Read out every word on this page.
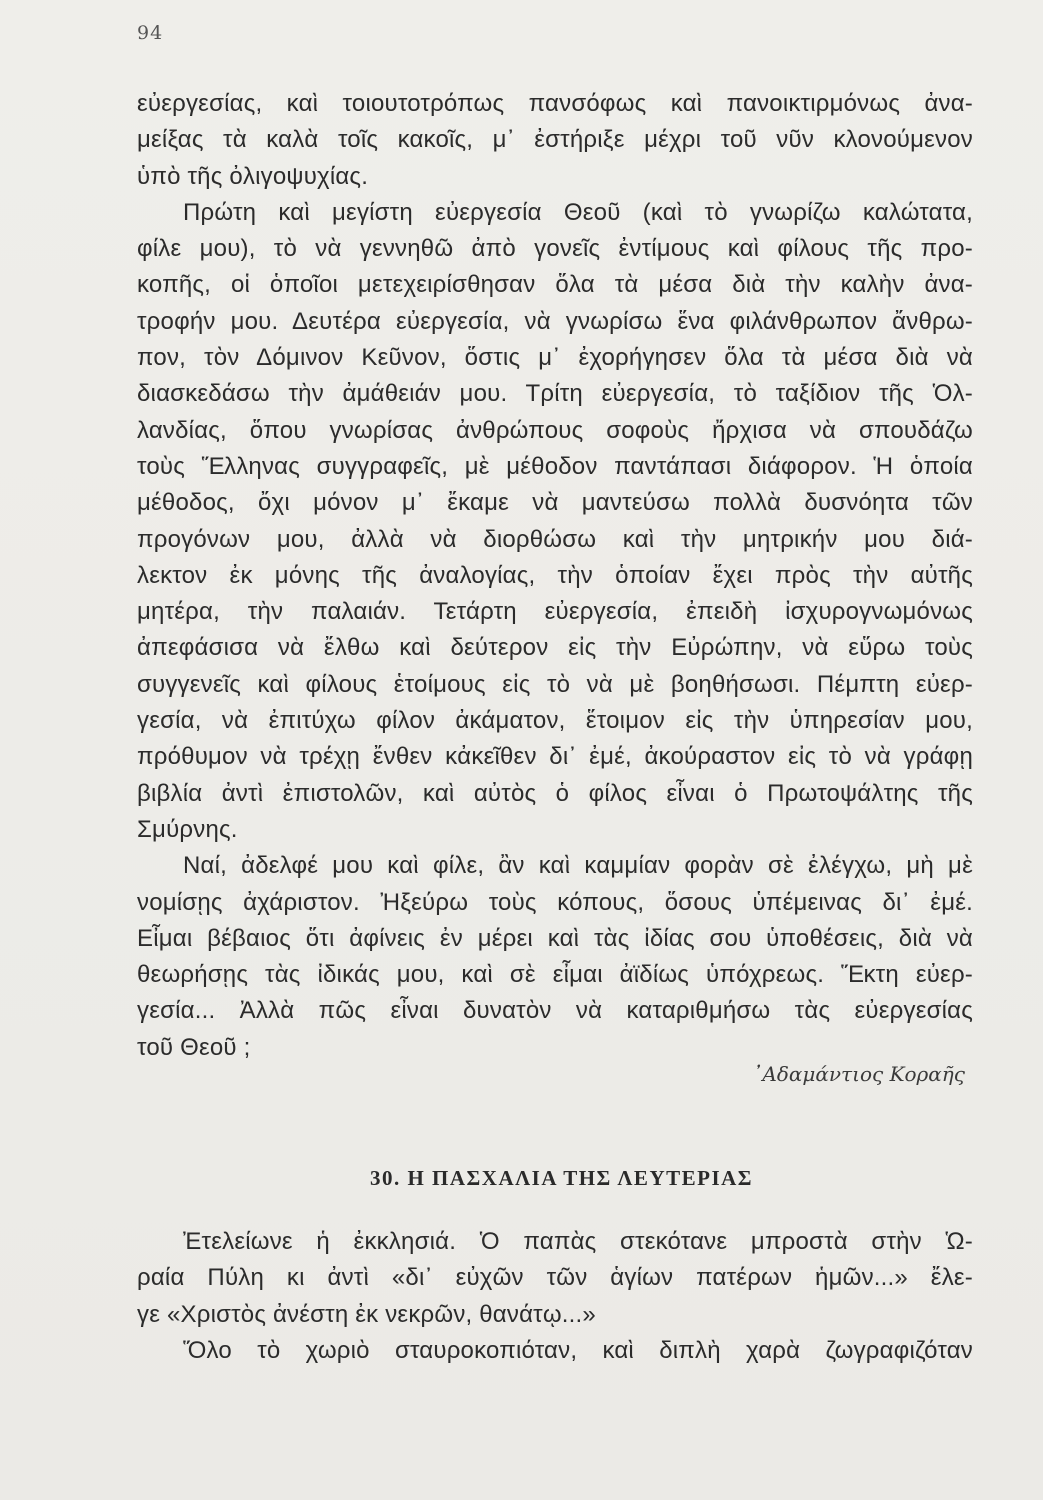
94

εὐεργεσίας, καὶ τοιουτοτρόπως πανσόφως καὶ πανοικτιρμόνως ἀνα-
μείξας τὰ καλὰ τοῖς κακοῖς, μ᾽ ἐστήριξε μέχρι τοῦ νῦν κλονούμενον
ὑπὸ τῆς ὀλιγοψυχίας.

Πρώτη καὶ μεγίστη εὐεργεσία Θεοῦ (καὶ τὸ γνωρίζω καλώτατα,
φίλε μου), τὸ νὰ γεννηθῶ ἀπὸ γονεῖς ἐντίμους καὶ φίλους τῆς προ-
κοπῆς, οἱ ὁποῖοι μετεχειρίσθησαν ὅλα τὰ μέσα διὰ τὴν καλὴν ἀνα-
τροφήν μου. Δευτέρα εὐεργεσία, νὰ γνωρίσω ἕνα φιλάνθρωπον ἄνθρω-
πον, τὸν Δόμινον Κεῦνον, ὅστις μ᾽ ἐχορήγησεν ὅλα τὰ μέσα διὰ νὰ
διασκεδάσω τὴν ἀμάθειάν μου. Τρίτη εὐεργεσία, τὸ ταξίδιον τῆς Ὁλ-
λανδίας, ὅπου γνωρίσας ἀνθρώπους σοφοὺς ἤρχισα νὰ σπουδάζω
τοὺς Ἕλληνας συγγραφεῖς, μὲ μέθοδον παντάπασι διάφορον. Ἡ ὁποία
μέθοδος, ὄχι μόνον μ᾽ ἔκαμε νὰ μαντεύσω πολλὰ δυσνόητα τῶν
προγόνων μου, ἀλλὰ νὰ διορθώσω καὶ τὴν μητρικήν μου διά-
λεκτον ἐκ μόνης τῆς ἀναλογίας, τὴν ὁποίαν ἔχει πρὸς τὴν αὐτῆς
μητέρα, τὴν παλαιάν. Τετάρτη εὐεργεσία, ἐπειδὴ ἰσχυρογνωμόνως
ἀπεφάσισα νὰ ἔλθω καὶ δεύτερον εἰς τὴν Εὐρώπην, νὰ εὕρω τοὺς
συγγενεῖς καὶ φίλους ἑτοίμους εἰς τὸ νὰ μὲ βοηθήσωσι. Πέμπτη εὐερ-
γεσία, νὰ ἐπιτύχω φίλον ἀκάματον, ἕτοιμον εἰς τὴν ὑπηρεσίαν μου,
πρόθυμον νὰ τρέχῃ ἔνθεν κἀκεῖθεν δι᾽ ἐμέ, ἀκούραστον εἰς τὸ νὰ γράφῃ
βιβλία ἀντὶ ἐπιστολῶν, καὶ αὐτὸς ὁ φίλος εἶναι ὁ Πρωτοψάλτης τῆς
Σμύρνης.

Ναί, ἀδελφέ μου καὶ φίλε, ἂν καὶ καμμίαν φορὰν σὲ ἐλέγχω, μὴ μὲ
νομίσῃς ἀχάριστον. Ἠξεύρω τοὺς κόπους, ὅσους ὑπέμεινας δι᾽ ἐμέ.
Εἶμαι βέβαιος ὅτι ἀφίνεις ἐν μέρει καὶ τὰς ἰδίας σου ὑποθέσεις, διὰ νὰ
θεωρήσῃς τὰς ἰδικάς μου, καὶ σὲ εἶμαι ἀϊδίως ὑπόχρεως. Ἕκτη εὐερ-
γεσία... Ἀλλὰ πῶς εἶναι δυνατὸν νὰ καταριθμήσω τὰς εὐεργεσίας
τοῦ Θεοῦ ;

᾽Αδαμάντιος Κοραῆς
30. Η ΠΑΣΧΑΛΙΑ ΤΗΣ ΛΕΥΤΕΡΙΑΣ

Ἐτελείωνε ἡ ἐκκλησιά. Ὁ παπὰς στεκότανε μπροστὰ στὴν Ὡ-
ραία Πύλη κι ἀντὶ «δι᾽ εὐχῶν τῶν ἁγίων πατέρων ἡμῶν...» ἔλε-
γε «Χριστὸς ἀνέστη ἐκ νεκρῶν, θανάτῳ...»

Ὅλο τὸ χωριὸ σταυροκοπιόταν, καὶ διπλὴ χαρὰ ζωγραφιζόταν
